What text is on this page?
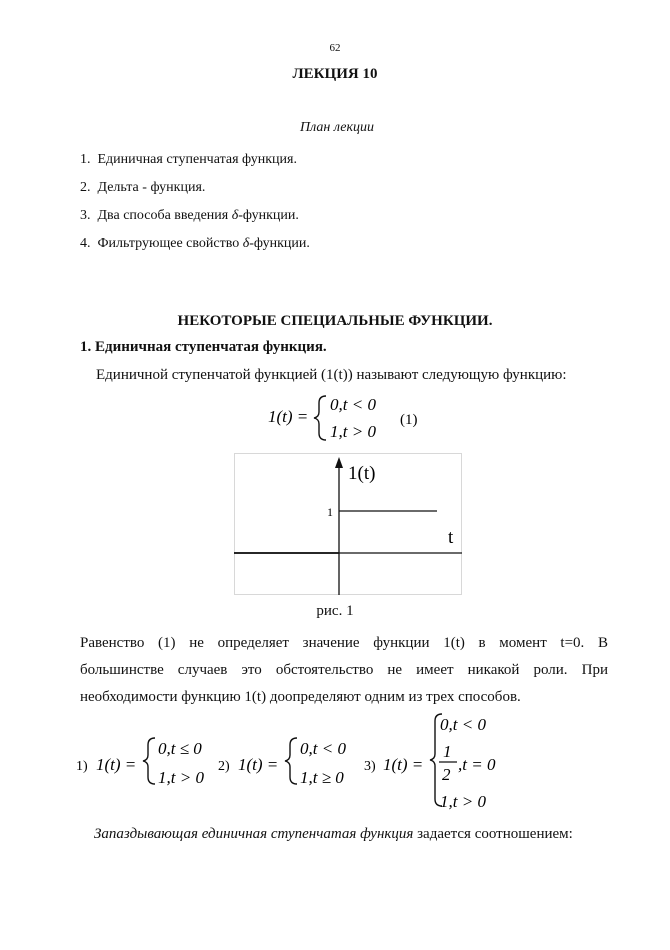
62
ЛЕКЦИЯ 10
План лекции
1. Единичная ступенчатая функция.
2. Дельта - функция.
3. Два способа введения δ-функции.
4. Фильтрующее свойство δ-функции.
НЕКОТОРЫЕ СПЕЦИАЛЬНЫЕ ФУНКЦИИ.
1. Единичная ступенчатая функция.
Единичной ступенчатой функцией (1(t)) называют следующую функцию:
1(t) =
0,t < 0
1,t > 0
(1)
1(t)
t
1
рис. 1
Равенство (1) не определяет значение функции 1(t) в момент t=0. В
большинстве случаев это обстоятельство не имеет никакой роли. При
необходимости функцию 1(t) доопределяют одним из трех способов.
1) 1(t) =
0,t ≤ 0
1,t > 0
2) 1(t) =
0,t < 0
1,t ≥ 0
3) 1(t) =
0,t < 0
1
2
,t = 0
1,t > 0
Запаздывающая единичная ступенчатая функция задается соотношением:
